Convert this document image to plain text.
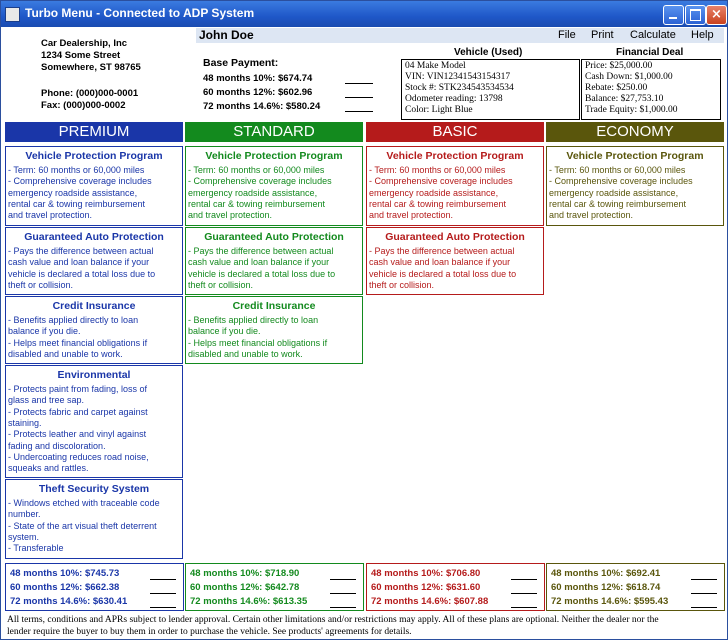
Turbo Menu - Connected to ADP System	×
Car Dealership, Inc
1234 Some Street
Somewhere, ST 98765
Phone: (000)000-0001
Fax: (000)000-0002
John Doe	File Print Calculate Help
Base Payment:
48 months 10%: $674.74
60 months 12%: $602.96
72 months 14.6%: $580.24
Vehicle (Used)
04 Make Model
VIN: VIN12341543154317
Stock #: STK234543534534
Odometer reading: 13798
Color: Light Blue
Financial Deal
Price: $25,000.00
Cash Down: $1,000.00
Rebate: $250.00
Balance: $27,753.10
Trade Equity: $1,000.00
PREMIUM
Vehicle Protection Program
- Term: 60 months or 60,000 miles
- Comprehensive coverage includes
emergency roadside assistance,
rental car & towing reimbursement
and travel protection.
Guaranteed Auto Protection
- Pays the difference between actual
cash value and loan balance if your
vehicle is declared a total loss due to
theft or collision.
Credit Insurance
- Benefits applied directly to loan
balance if you die.
- Helps meet financial obligations if
disabled and unable to work.
Environmental
- Protects paint from fading, loss of
glass and tree sap.
- Protects fabric and carpet against
staining.
- Protects leather and vinyl against
fading and discoloration.
- Undercoating reduces road noise,
squeaks and rattles.
Theft Security System
- Windows etched with traceable code
number.
- State of the art visual theft deterrent
system.
- Transferable
48 months 10%: $745.73
60 months 12%: $662.38
72 months 14.6%: $630.41
STANDARD
Vehicle Protection Program
- Term: 60 months or 60,000 miles
- Comprehensive coverage includes
emergency roadside assistance,
rental car & towing reimbursement
and travel protection.
Guaranteed Auto Protection
- Pays the difference between actual
cash value and loan balance if your
vehicle is declared a total loss due to
theft or collision.
Credit Insurance
- Benefits applied directly to loan
balance if you die.
- Helps meet financial obligations if
disabled and unable to work.
48 months 10%: $718.90
60 months 12%: $642.78
72 months 14.6%: $613.35
BASIC
Vehicle Protection Program
- Term: 60 months or 60,000 miles
- Comprehensive coverage includes
emergency roadside assistance,
rental car & towing reimbursement
and travel protection.
Guaranteed Auto Protection
- Pays the difference between actual
cash value and loan balance if your
vehicle is declared a total loss due to
theft or collision.
48 months 10%: $706.80
60 months 12%: $631.60
72 months 14.6%: $607.88
ECONOMY
Vehicle Protection Program
- Term: 60 months or 60,000 miles
- Comprehensive coverage includes
emergency roadside assistance,
rental car & towing reimbursement
and travel protection.
48 months 10%: $692.41
60 months 12%: $618.74
72 months 14.6%: $595.43
All terms, conditions and APRs subject to lender approval. Certain other limitations and/or restrictions may apply. All of these plans are optional. Neither the dealer nor the
lender require the buyer to buy them in order to purchase the vehicle. See products' agreements for details.
